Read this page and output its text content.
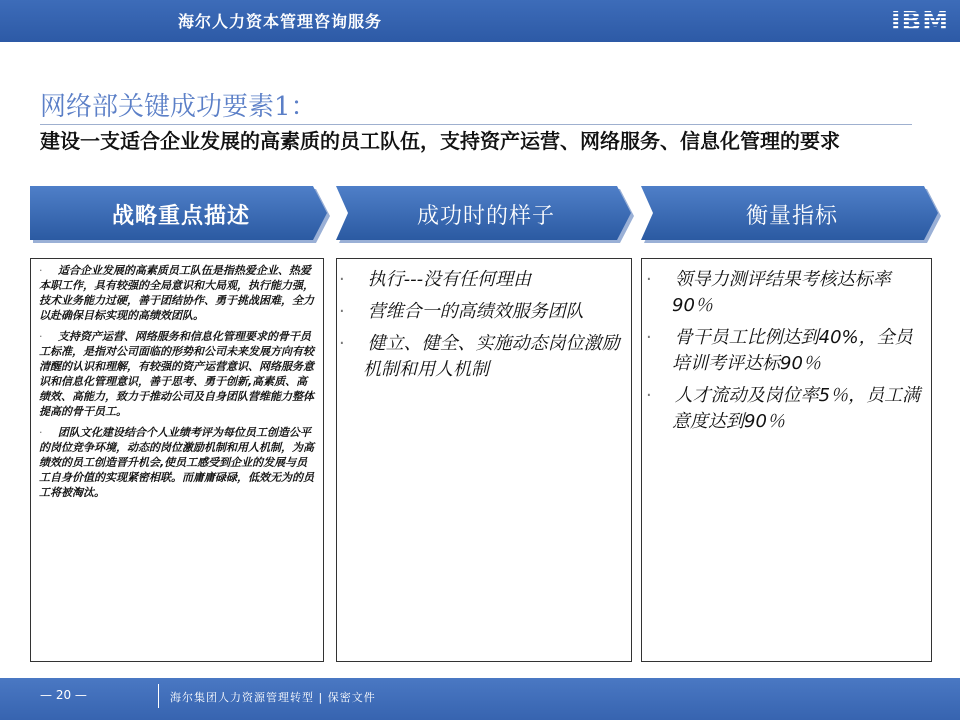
海尔人力资本管理咨询服务	IBM
网络部关键成功要素1：
建设一支适合企业发展的高素质的员工队伍，支持资产运营、网络服务、信息化管理的要求
战略重点描述	成功时的样子	衡量指标

· 适合企业发展的高素质员工队伍是指热爱企业、热爱本职工作，具有较强的全局意识和大局观，执行能力强，技术业务能力过硬，善于团结协作、勇于挑战困难，全力以赴确保目标实现的高绩效团队。

· 支持资产运营、网络服务和信息化管理要求的骨干员工标准，是指对公司面临的形势和公司未来发展方向有较清醒的认识和理解，有较强的资产运营意识、网络服务意识和信息化管理意识，善于思考、勇于创新,高素质、高绩效、高能力，致力于推动公司及自身团队营维能力整体提高的骨干员工。

· 团队文化建设结合个人业绩考评为每位员工创造公平的岗位竞争环境，动态的岗位激励机制和用人机制，为高绩效的员工创造晋升机会,使员工感受到企业的发展与员工自身价值的实现紧密相联。而庸庸碌碌，低效无为的员工将被淘汰。

· 执行---没有任何理由

· 营维合一的高绩效服务团队

· 健立、健全、实施动态岗位激励机制和用人机制

· 领导力测评结果考核达标率90％

· 骨干员工比例达到40%，全员培训考评达标90％

· 人才流动及岗位率5％，员工满意度达到90％

— 20 —	海尔集团人力资源管理转型 | 保密文件
